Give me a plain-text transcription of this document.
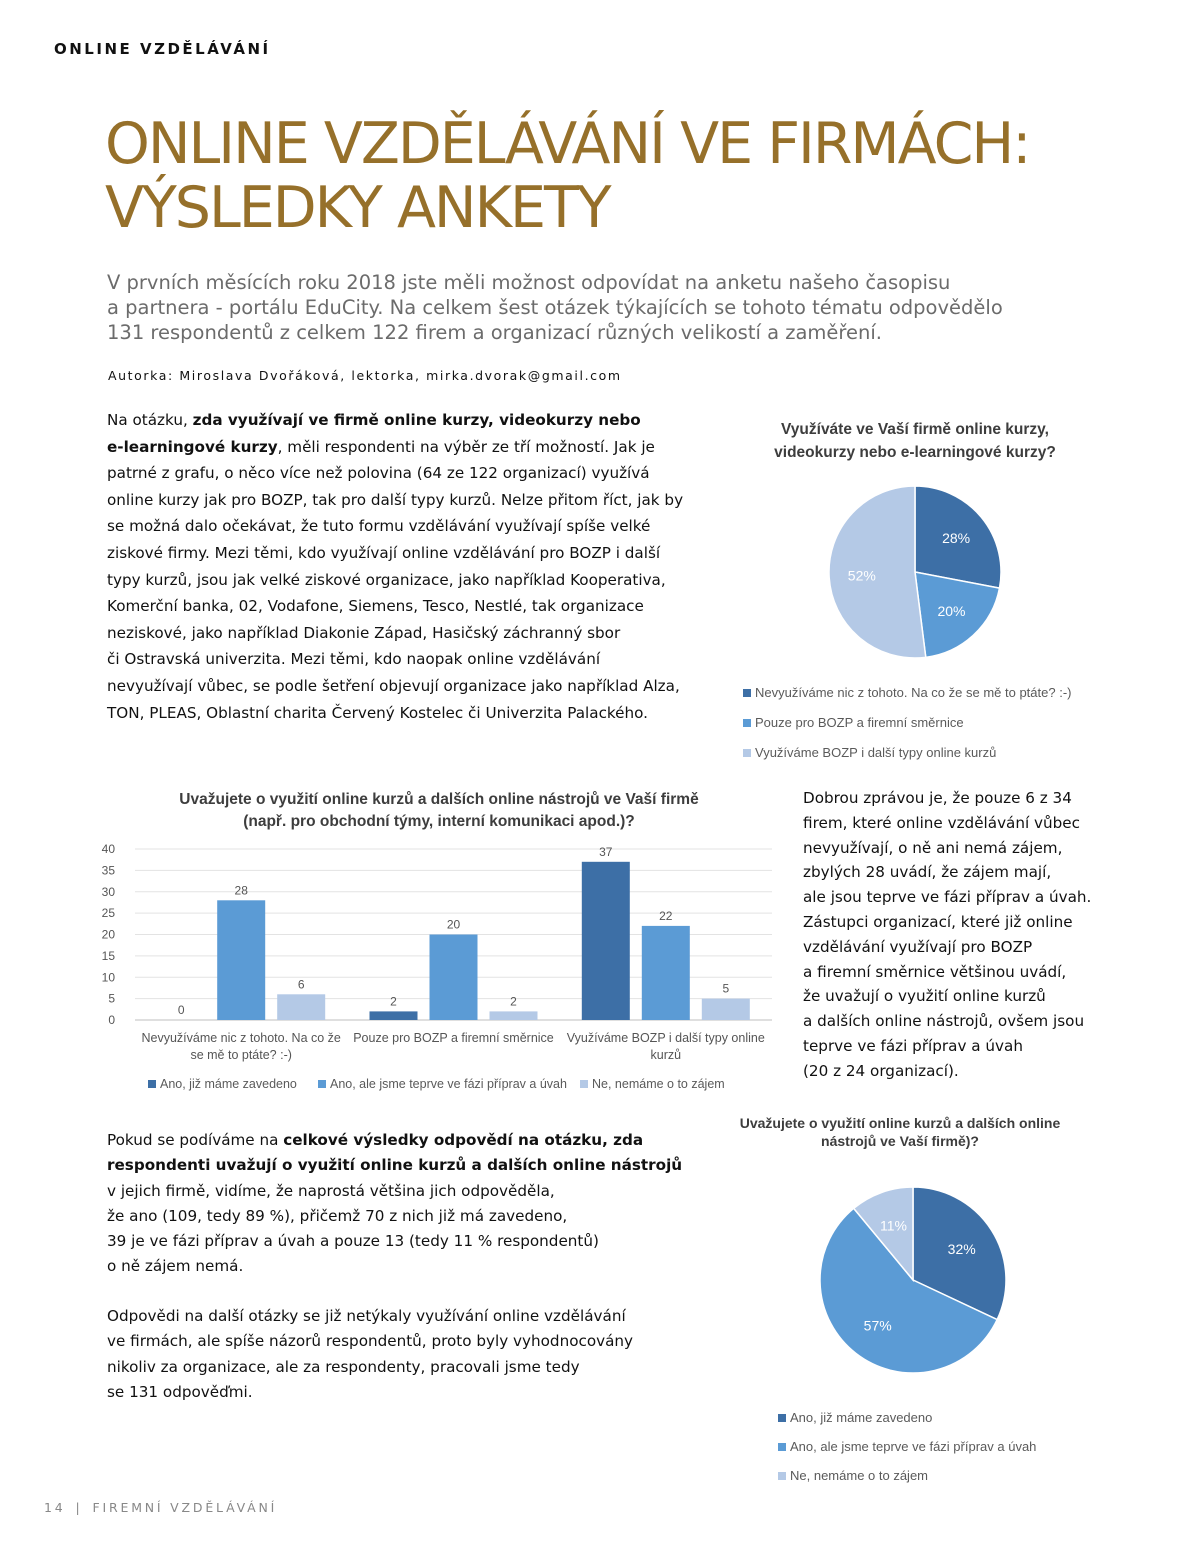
ONLINE VZDĚLÁVÁNÍ
ONLINE VZDĚLÁVÁNÍ VE FIRMÁCH:
VÝSLEDKY ANKETY

V prvních měsících roku 2018 jste měli možnost odpovídat na anketu našeho časopisu
a partnera - portálu EduCity. Na celkem šest otázek týkajících se tohoto tématu odpovědělo
131 respondentů z celkem 122 firem a organizací různých velikostí a zaměření.

Autorka: Miroslava Dvořáková, lektorka, mirka.dvorak@gmail.com

Na otázku, zda využívají ve firmě online kurzy, videokurzy nebo
e-learningové kurzy, měli respondenti na výběr ze tří možností. Jak je
patrné z grafu, o něco více než polovina (64 ze 122 organizací) využívá
online kurzy jak pro BOZP, tak pro další typy kurzů. Nelze přitom říct, jak by
se možná dalo očekávat, že tuto formu vzdělávání využívají spíše velké
ziskové firmy. Mezi těmi, kdo využívají online vzdělávání pro BOZP i další
typy kurzů, jsou jak velké ziskové organizace, jako například Kooperativa,
Komerční banka, 02, Vodafone, Siemens, Tesco, Nestlé, tak organizace
neziskové, jako například Diakonie Západ, Hasičský záchranný sbor
či Ostravská univerzita. Mezi těmi, kdo naopak online vzdělávání
nevyužívají vůbec, se podle šetření objevují organizace jako například Alza,
TON, PLEAS, Oblastní charita Červený Kostelec či Univerzita Palackého.

Využíváte ve Vaší firmě online kurzy,
videokurzy nebo e-learningové kurzy?
28%
20%
52%
Nevyužíváme nic z tohoto. Na co že se mě to ptáte? :-)
Pouze pro BOZP a firemní směrnice
Využíváme BOZP i další typy online kurzů
Uvažujete o využití online kurzů a dalších online nástrojů ve Vaší firmě
(např. pro obchodní týmy, interní komunikaci apod.)?
0
5
10
15
20
25
30
35
40
0
28
6
Nevyužíváme nic z tohoto. Na co že
se mě to ptáte? :-)
2
20
2
Pouze pro BOZP a firemní směrnice
37
22
5
Využíváme BOZP i další typy online
kurzů
Ano, již máme zavedeno	Ano, ale jsme teprve ve fázi příprav a úvah Ne, nemáme o to zájem

Dobrou zprávou je, že pouze 6 z 34
firem, které online vzdělávání vůbec
nevyužívají, o ně ani nemá zájem,
zbylých 28 uvádí, že zájem mají,
ale jsou teprve ve fázi příprav a úvah.
Zástupci organizací, které již online
vzdělávání využívají pro BOZP
a firemní směrnice většinou uvádí,
že uvažují o využití online kurzů
a dalších online nástrojů, ovšem jsou
teprve ve fázi příprav a úvah
(20 z 24 organizací).

Uvažujete o využití online kurzů a dalších online
nástrojů ve Vaší firmě)?
32%
57%
11%
Ano, již máme zavedeno
Ano, ale jsme teprve ve fázi příprav a úvah
Ne, nemáme o to zájem

Pokud se podíváme na celkové výsledky odpovědí na otázku, zda
respondenti uvažují o využití online kurzů a dalších online nástrojů
v jejich firmě, vidíme, že naprostá většina jich odpověděla,
že ano (109, tedy 89 %), přičemž 70 z nich již má zavedeno,
39 je ve fázi příprav a úvah a pouze 13 (tedy 11 % respondentů)
o ně zájem nemá.

Odpovědi na další otázky se již netýkaly využívání online vzdělávání
ve firmách, ale spíše názorů respondentů, proto byly vyhodnocovány
nikoliv za organizace, ale za respondenty, pracovali jsme tedy
se 131 odpověďmi.

14 | FIREMNÍ VZDĚLÁVÁNÍ
